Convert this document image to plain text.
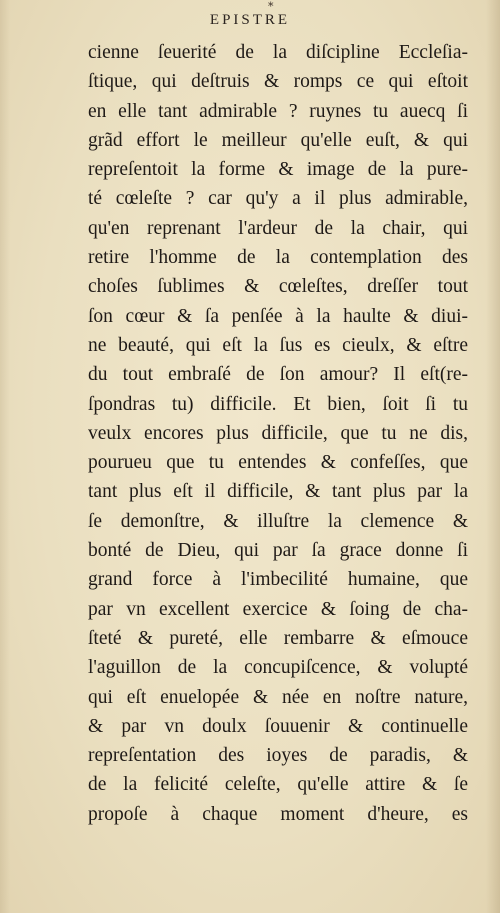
*
EPISTRE
cienne ſeuerité de la diſcipline Eccleſia-
ſtique, qui deſtruis & romps ce qui eſtoit
en elle tant admirable ? ruynes tu auecq ſi
grãd effort le meilleur qu'elle euſt, & qui
repreſentoit la forme & image de la pure-
té cœleſte ? car qu'y a il plus admirable,
qu'en reprenant l'ardeur de la chair, qui
retire l'homme de la contemplation des
choſes ſublimes & cœleſtes, dreſſer tout
ſon cœur & ſa penſée à la haulte & diui-
ne beauté, qui eſt la ſus es cieulx, & eſtre
du tout embraſé de ſon amour? Il eſt(re-
ſpondras tu) difficile. Et bien, ſoit ſi tu
veulx encores plus difficile, que tu ne dis,
pourueu que tu entendes & confeſſes, que
tant plus eſt il difficile, & tant plus par la
ſe demonſtre, & illuſtre la clemence &
bonté de Dieu, qui par ſa grace donne ſi
grand force à l'imbecilité humaine, que
par vn excellent exercice & ſoing de cha-
ſteté & pureté, elle rembarre & eſmouce
l'aguillon de la concupiſcence, & volupté
qui eſt enuelopée & née en noſtre nature,
& par vn doulx ſouuenir & continuelle
repreſentation des ioyes de paradis, &
de la felicité celeſte, qu'elle attire & ſe
propoſe à chaque moment d'heure, es
